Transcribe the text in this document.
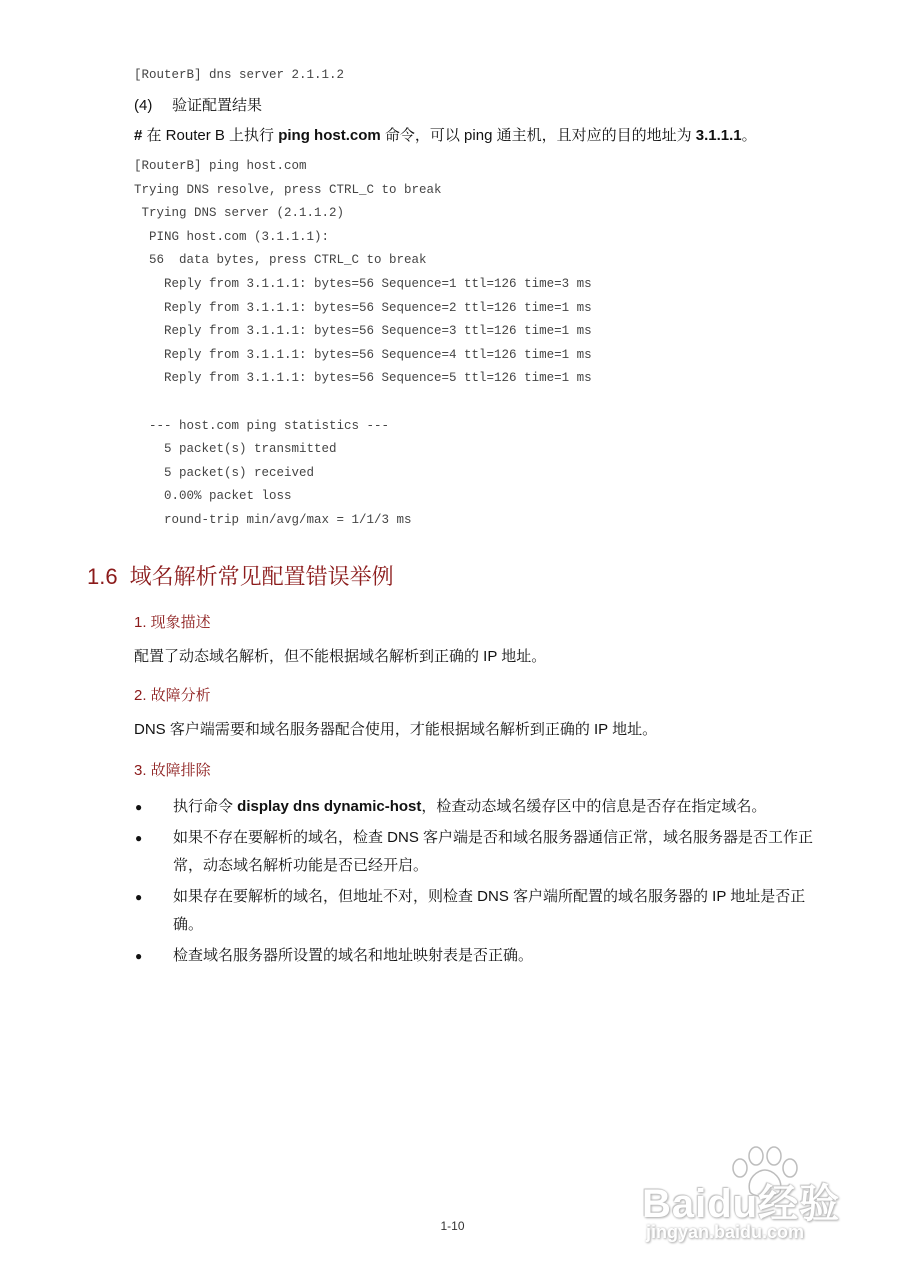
[RouterB] dns server 2.1.1.2
(4) 验证配置结果
# 在 Router B 上执行 ping host.com 命令，可以 ping 通主机，且对应的目的地址为 3.1.1.1。
[RouterB] ping host.com
Trying DNS resolve, press CTRL_C to break
Trying DNS server (2.1.1.2)
PING host.com (3.1.1.1):
56  data bytes, press CTRL_C to break
Reply from 3.1.1.1: bytes=56 Sequence=1 ttl=126 time=3 ms
Reply from 3.1.1.1: bytes=56 Sequence=2 ttl=126 time=1 ms
Reply from 3.1.1.1: bytes=56 Sequence=3 ttl=126 time=1 ms
Reply from 3.1.1.1: bytes=56 Sequence=4 ttl=126 time=1 ms
Reply from 3.1.1.1: bytes=56 Sequence=5 ttl=126 time=1 ms

--- host.com ping statistics ---
5 packet(s) transmitted
5 packet(s) received
0.00% packet loss
round-trip min/avg/max = 1/1/3 ms
1.6 域名解析常见配置错误举例
1. 现象描述
配置了动态域名解析，但不能根据域名解析到正确的 IP 地址。
2. 故障分析
DNS 客户端需要和域名服务器配合使用，才能根据域名解析到正确的 IP 地址。
3. 故障排除
● 执行命令 display dns dynamic-host，检查动态域名缓存区中的信息是否存在指定域名。
● 如果不存在要解析的域名，检查 DNS 客户端是否和域名服务器通信正常，域名服务器是否工作正常，动态域名解析功能是否已经开启。
● 如果存在要解析的域名，但地址不对，则检查 DNS 客户端所配置的域名服务器的 IP 地址是否正确。
● 检查域名服务器所设置的域名和地址映射表是否正确。
1-10	Baidu经验
jingyan.baidu.com
